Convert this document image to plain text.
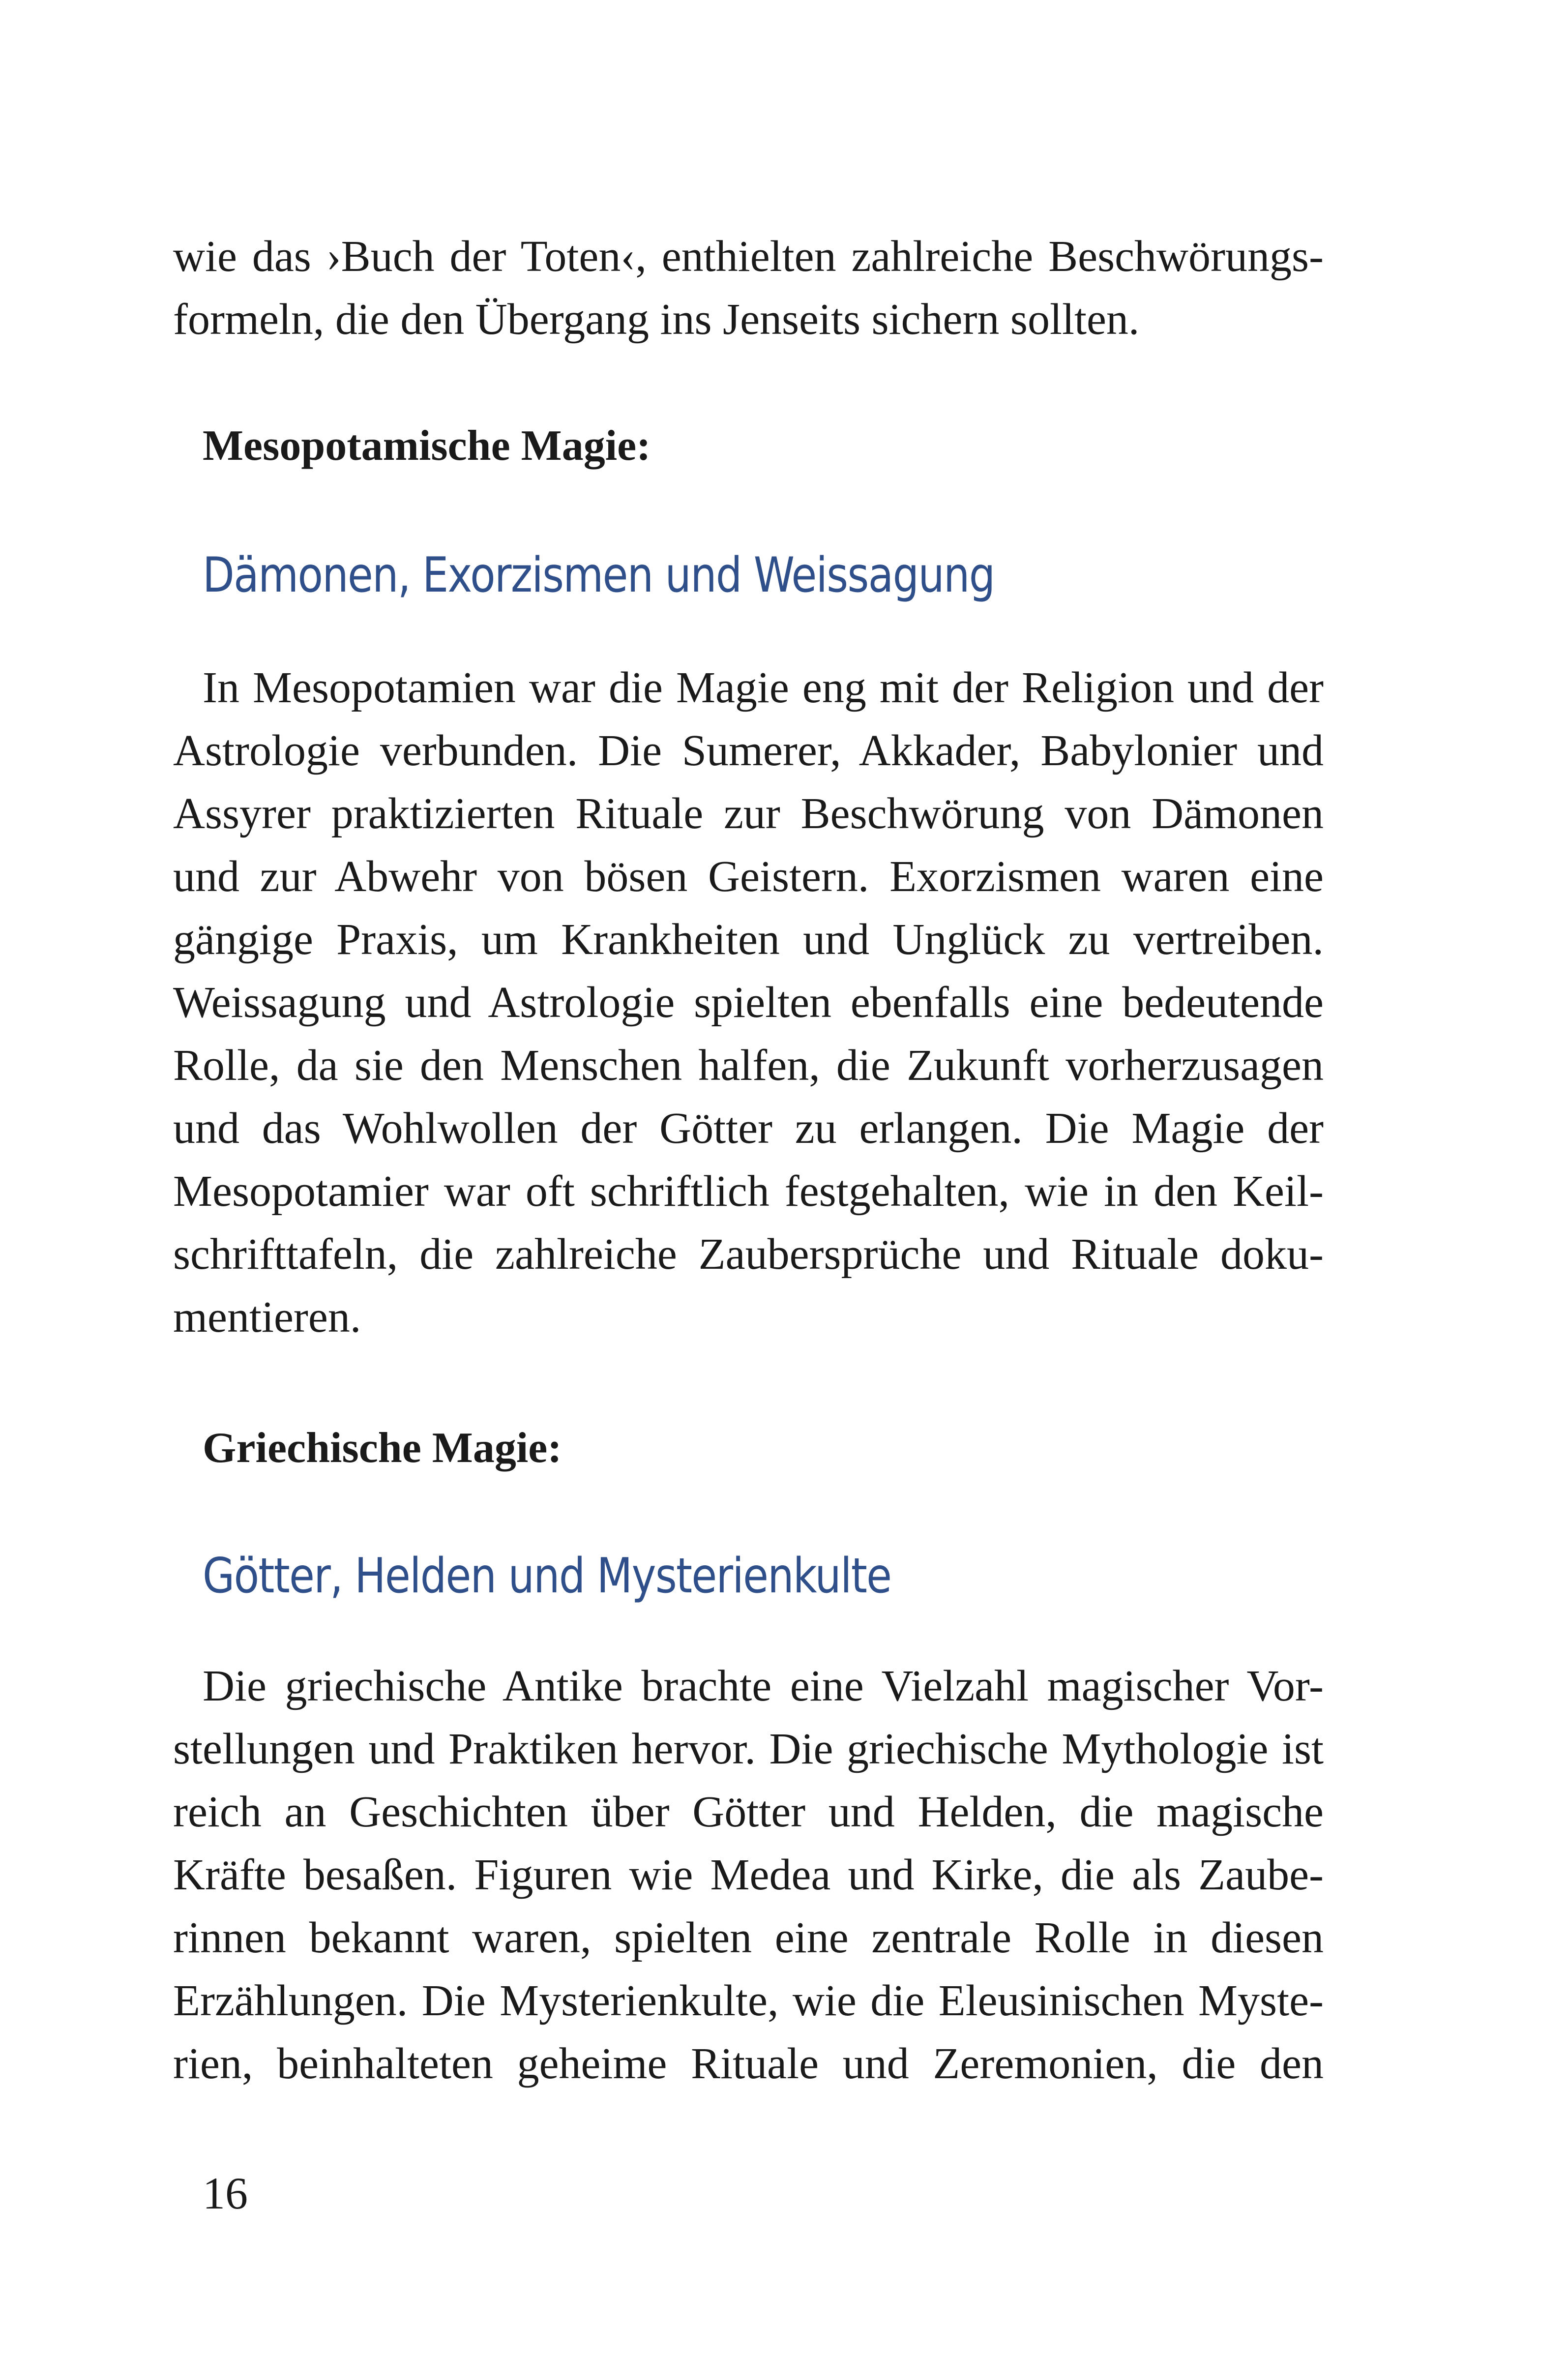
wie das ›Buch der Toten‹, enthielten zahlreiche Beschwörungs-
formeln, die den Übergang ins Jenseits sichern sollten.
Mesopotamische Magie:
Dämonen, Exorzismen und Weissagung
In Mesopotamien war die Magie eng mit der Religion und der
Astrologie verbunden. Die Sumerer, Akkader, Babylonier und
Assyrer praktizierten Rituale zur Beschwörung von Dämonen
und zur Abwehr von bösen Geistern. Exorzismen waren eine
gängige Praxis, um Krankheiten und Unglück zu vertreiben.
Weissagung und Astrologie spielten ebenfalls eine bedeutende
Rolle, da sie den Menschen halfen, die Zukunft vorherzusagen
und das Wohlwollen der Götter zu erlangen. Die Magie der
Mesopotamier war oft schriftlich festgehalten, wie in den Keil-
schrifttafeln, die zahlreiche Zaubersprüche und Rituale doku-
mentieren.
Griechische Magie:
Götter, Helden und Mysterienkulte
Die griechische Antike brachte eine Vielzahl magischer Vor-
stellungen und Praktiken hervor. Die griechische Mythologie ist
reich an Geschichten über Götter und Helden, die magische
Kräfte besaßen. Figuren wie Medea und Kirke, die als Zaube-
rinnen bekannt waren, spielten eine zentrale Rolle in diesen
Erzählungen. Die Mysterienkulte, wie die Eleusinischen Myste-
rien, beinhalteten geheime Rituale und Zeremonien, die den
16
